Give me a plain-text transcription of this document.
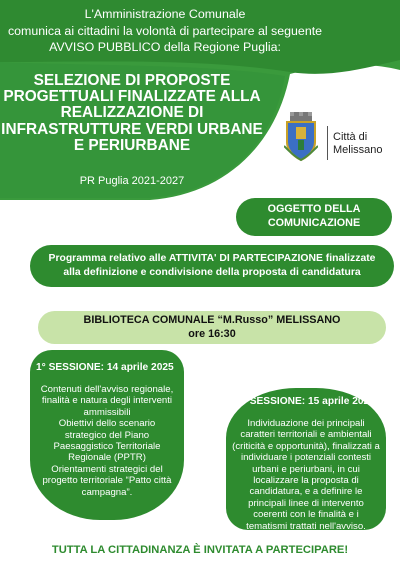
L'Amministrazione Comunale
comunica ai cittadini la volontà di partecipare al seguente
AVVISO PUBBLICO della Regione Puglia:
SELEZIONE DI PROPOSTE
PROGETTUALI FINALIZZATE ALLA
REALIZZAZIONE DI
INFRASTRUTTURE VERDI URBANE
E PERIURBANE
PR Puglia 2021-2027
Città di
Melissano
OGGETTO DELLA
COMUNICAZIONE
Programma relativo alle ATTIVITA' DI PARTECIPAZIONE finalizzate
alla definizione e condivisione della proposta di candidatura
BIBLIOTECA COMUNALE “M.Russo” MELISSANO
ore 16:30
1° SESSIONE: 14 aprile 2025
Contenuti dell'avviso regionale,
finalità e natura degli interventi
ammissibili
Obiettivi dello scenario
strategico del Piano
Paesaggistico Territoriale
Regionale (PPTR)
Orientamenti strategici del
progetto territoriale “Patto città
campagna”.
2° SESSIONE: 15 aprile 2025
Individuazione dei principali
caratteri territoriali e ambientali
(criticità e opportunità), finalizzati a
individuare i potenziali contesti
urbani e periurbani, in cui
localizzare la proposta di
candidatura, e a definire le
principali linee di intervento
coerenti con le finalità e i
tematismi trattati nell'avviso.
TUTTA LA CITTADINANZA È INVITATA A PARTECIPARE!
